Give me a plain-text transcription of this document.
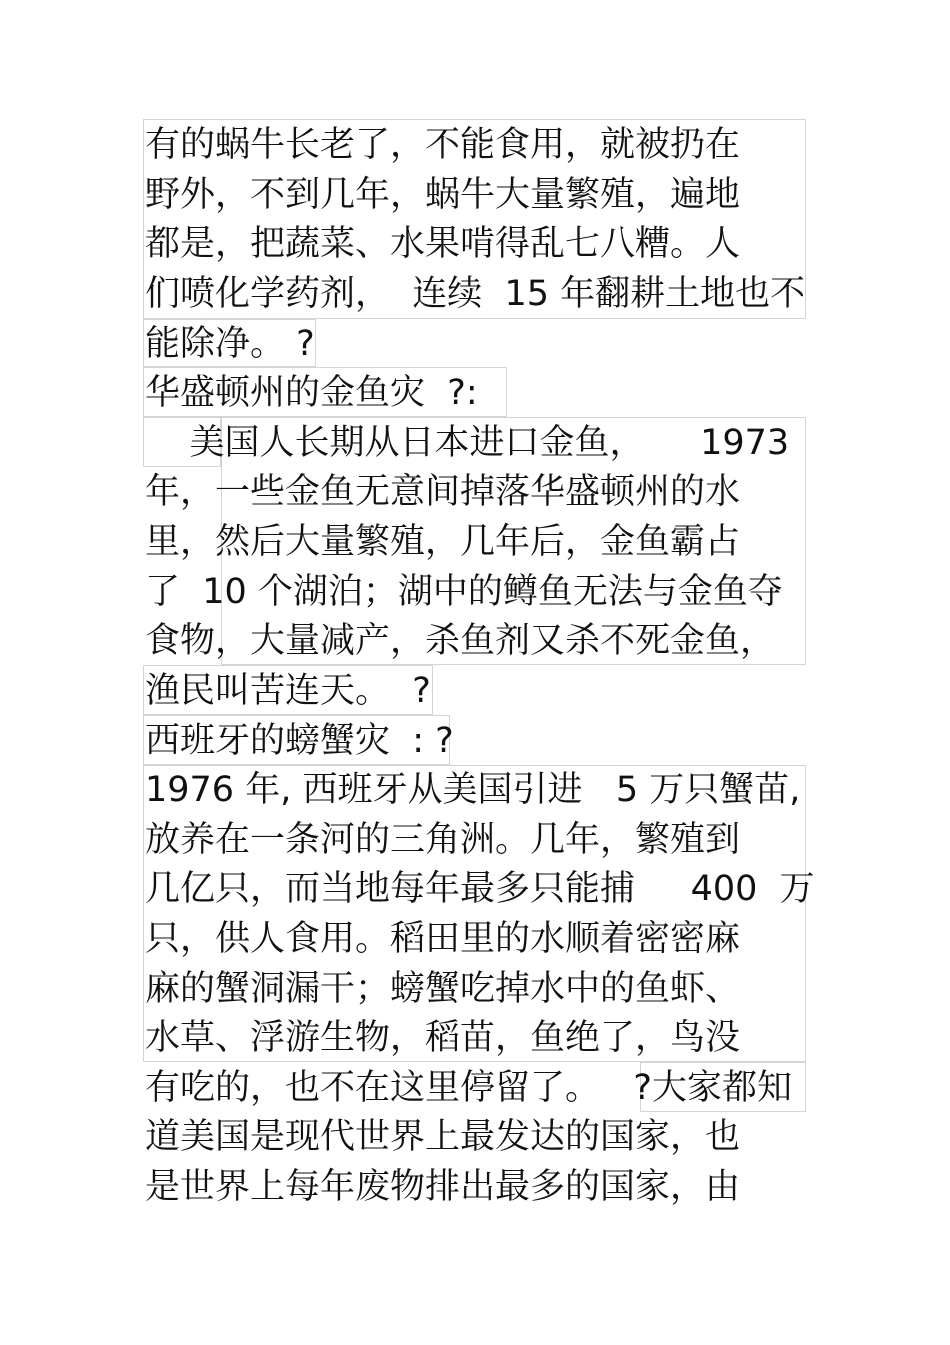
有的蜗牛长老了，不能食用，就被扔在
野外，不到几年，蜗牛大量繁殖，遍地
都是，把蔬菜、水果啃得乱七八糟。人
们喷化学药剂，  连续  15 年翻耕土地也不
能除净。 ?
华盛顿州的金鱼灾  ?:
美国人长期从日本进口金鱼，     1973
年，一些金鱼无意间掉落华盛顿州的水
里，然后大量繁殖，几年后，金鱼霸占
了  10 个湖泊；湖中的鳟鱼无法与金鱼夺
食物，大量减产，杀鱼剂又杀不死金鱼，
渔民叫苦连天。  ?
西班牙的螃蟹灾  : ?
1976 年, 西班牙从美国引进   5 万只蟹苗,
放养在一条河的三角洲。几年，繁殖到
几亿只，而当地每年最多只能捕     400  万
只，供人食用。稻田里的水顺着密密麻
麻的蟹洞漏干；螃蟹吃掉水中的鱼虾、
水草、浮游生物，稻苗，鱼绝了，鸟没
有吃的，也不在这里停留了。   ?大家都知
道美国是现代世界上最发达的国家，也
是世界上每年废物排出最多的国家，由
